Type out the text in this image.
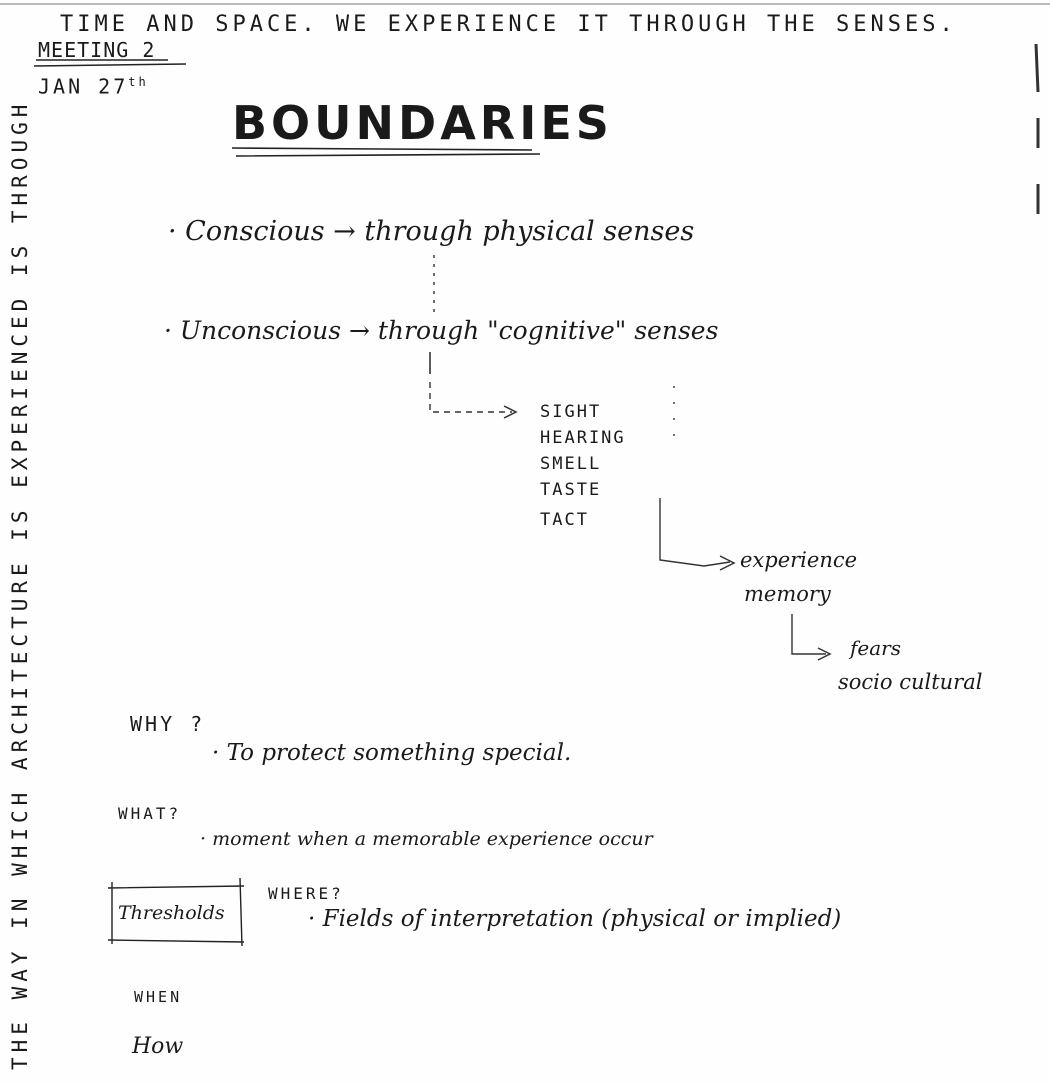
TIME AND SPACE. WE EXPERIENCE IT THROUGH THE SENSES.
MEETING 2
JAN 27th
BOUNDARIES
THE WAY IN WHICH ARCHITECTURE IS EXPERIENCED IS THROUGH	· Conscious → through physical senses
· Unconscious → through "cognitive" senses
SIGHT
HEARING
SMELL
TASTE
TACT
experience
memory
fears
socio cultural
WHY ?
· To protect something special.
WHAT?
· moment when a memorable experience occur
Thresholds
WHERE?
· Fields of interpretation (physical or implied)
WHEN
How
